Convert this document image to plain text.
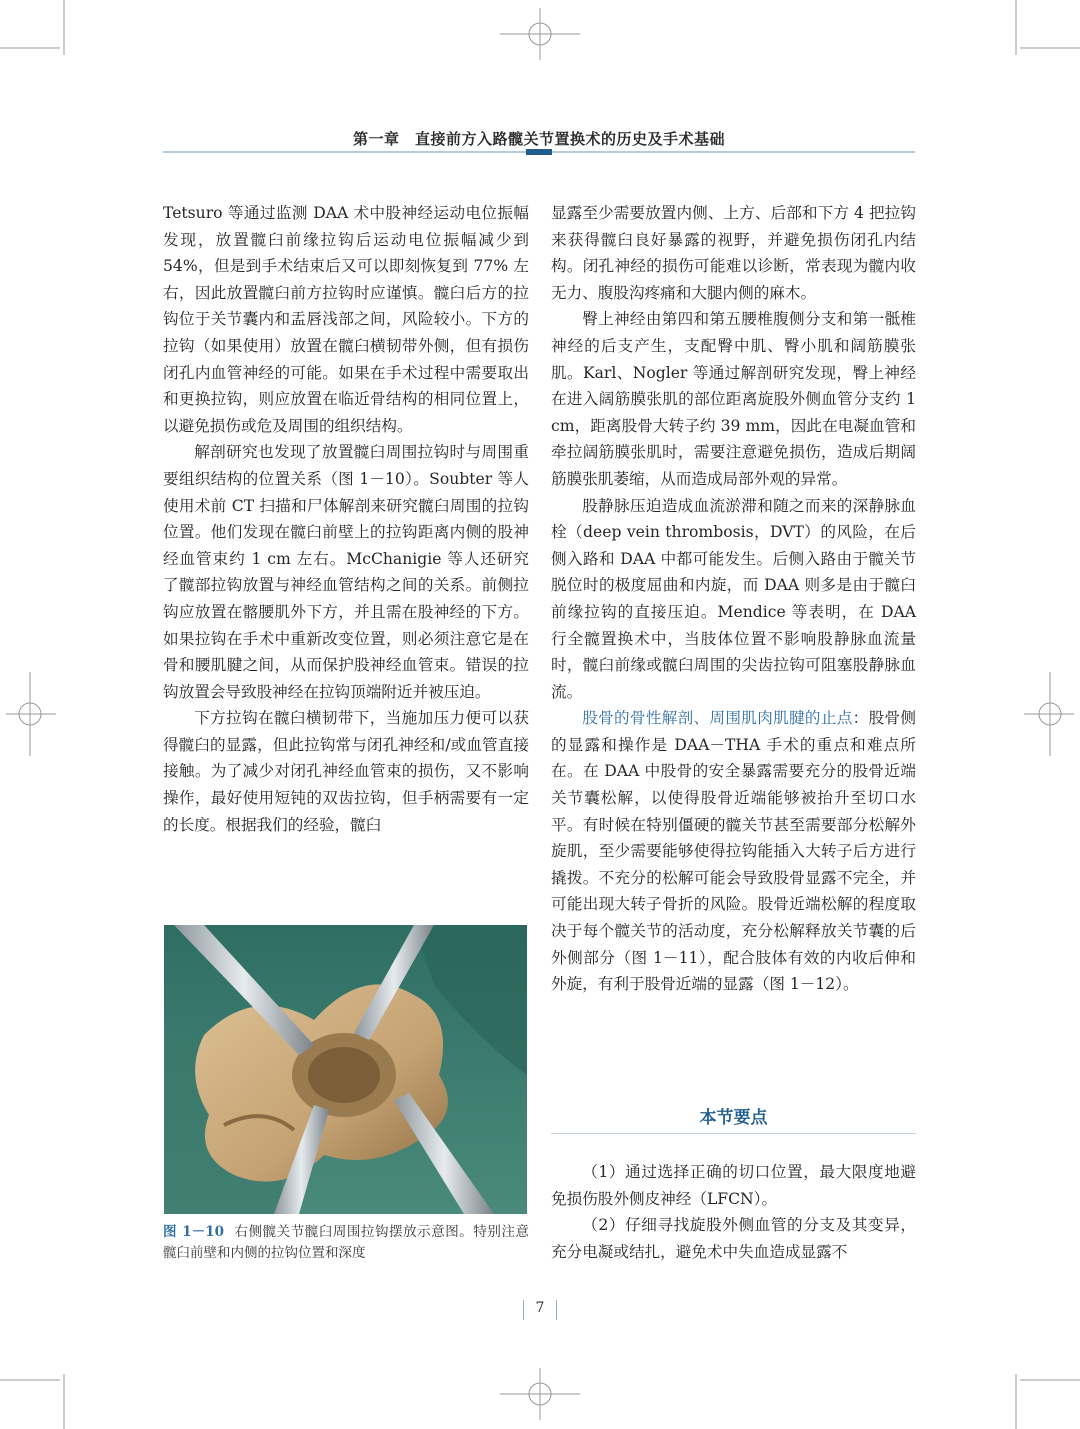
第一章　直接前方入路髋关节置换术的历史及手术基础

Tetsuro 等通过监测 DAA 术中股神经运动电位振幅发现，放置髋臼前缘拉钩后运动电位振幅减少到 54%，但是到手术结束后又可以即刻恢复到 77% 左右，因此放置髋臼前方拉钩时应谨慎。髋臼后方的拉钩位于关节囊内和盂唇浅部之间，风险较小。下方的拉钩（如果使用）放置在髋臼横韧带外侧，但有损伤闭孔内血管神经的可能。如果在手术过程中需要取出和更换拉钩，则应放置在临近骨结构的相同位置上，以避免损伤或危及周围的组织结构。

解剖研究也发现了放置髋臼周围拉钩时与周围重要组织结构的位置关系（图 1－10）。Soubter 等人使用术前 CT 扫描和尸体解剖来研究髋臼周围的拉钩位置。他们发现在髋臼前壁上的拉钩距离内侧的股神经血管束约 1 cm 左右。McChanigie 等人还研究了髋部拉钩放置与神经血管结构之间的关系。前侧拉钩应放置在髂腰肌外下方，并且需在股神经的下方。如果拉钩在手术中重新改变位置，则必须注意它是在骨和腰肌腱之间，从而保护股神经血管束。错误的拉钩放置会导致股神经在拉钩顶端附近并被压迫。

下方拉钩在髋臼横韧带下，当施加压力便可以获得髋臼的显露，但此拉钩常与闭孔神经和/或血管直接接触。为了减少对闭孔神经血管束的损伤，又不影响操作，最好使用短钝的双齿拉钩，但手柄需要有一定的长度。根据我们的经验，髋臼

图 1－10 右侧髋关节髋臼周围拉钩摆放示意图。特别注意髋臼前壁和内侧的拉钩位置和深度

显露至少需要放置内侧、上方、后部和下方 4 把拉钩来获得髋臼良好暴露的视野，并避免损伤闭孔内结构。闭孔神经的损伤可能难以诊断，常表现为髋内收无力、腹股沟疼痛和大腿内侧的麻木。

臀上神经由第四和第五腰椎腹侧分支和第一骶椎神经的后支产生，支配臀中肌、臀小肌和阔筋膜张肌。Karl、Nogler 等通过解剖研究发现，臀上神经在进入阔筋膜张肌的部位距离旋股外侧血管分支约 1 cm，距离股骨大转子约 39 mm，因此在电凝血管和牵拉阔筋膜张肌时，需要注意避免损伤，造成后期阔筋膜张肌萎缩，从而造成局部外观的异常。

股静脉压迫造成血流淤滞和随之而来的深静脉血栓（deep vein thrombosis，DVT）的风险，在后侧入路和 DAA 中都可能发生。后侧入路由于髋关节脱位时的极度屈曲和内旋，而 DAA 则多是由于髋臼前缘拉钩的直接压迫。Mendice 等表明，在 DAA 行全髋置换术中，当肢体位置不影响股静脉血流量时，髋臼前缘或髋臼周围的尖齿拉钩可阻塞股静脉血流。

股骨的骨性解剖、周围肌肉肌腱的止点：股骨侧的显露和操作是 DAA－THA 手术的重点和难点所在。在 DAA 中股骨的安全暴露需要充分的股骨近端关节囊松解，以使得股骨近端能够被抬升至切口水平。有时候在特别僵硬的髋关节甚至需要部分松解外旋肌，至少需要能够使得拉钩能插入大转子后方进行撬拨。不充分的松解可能会导致股骨显露不完全，并可能出现大转子骨折的风险。股骨近端松解的程度取决于每个髋关节的活动度，充分松解释放关节囊的后外侧部分（图 1－11），配合肢体有效的内收后伸和外旋，有利于股骨近端的显露（图 1－12）。

本节要点

（1）通过选择正确的切口位置，最大限度地避免损伤股外侧皮神经（LFCN）。

（2）仔细寻找旋股外侧血管的分支及其变异，充分电凝或结扎，避免术中失血造成显露不

7
